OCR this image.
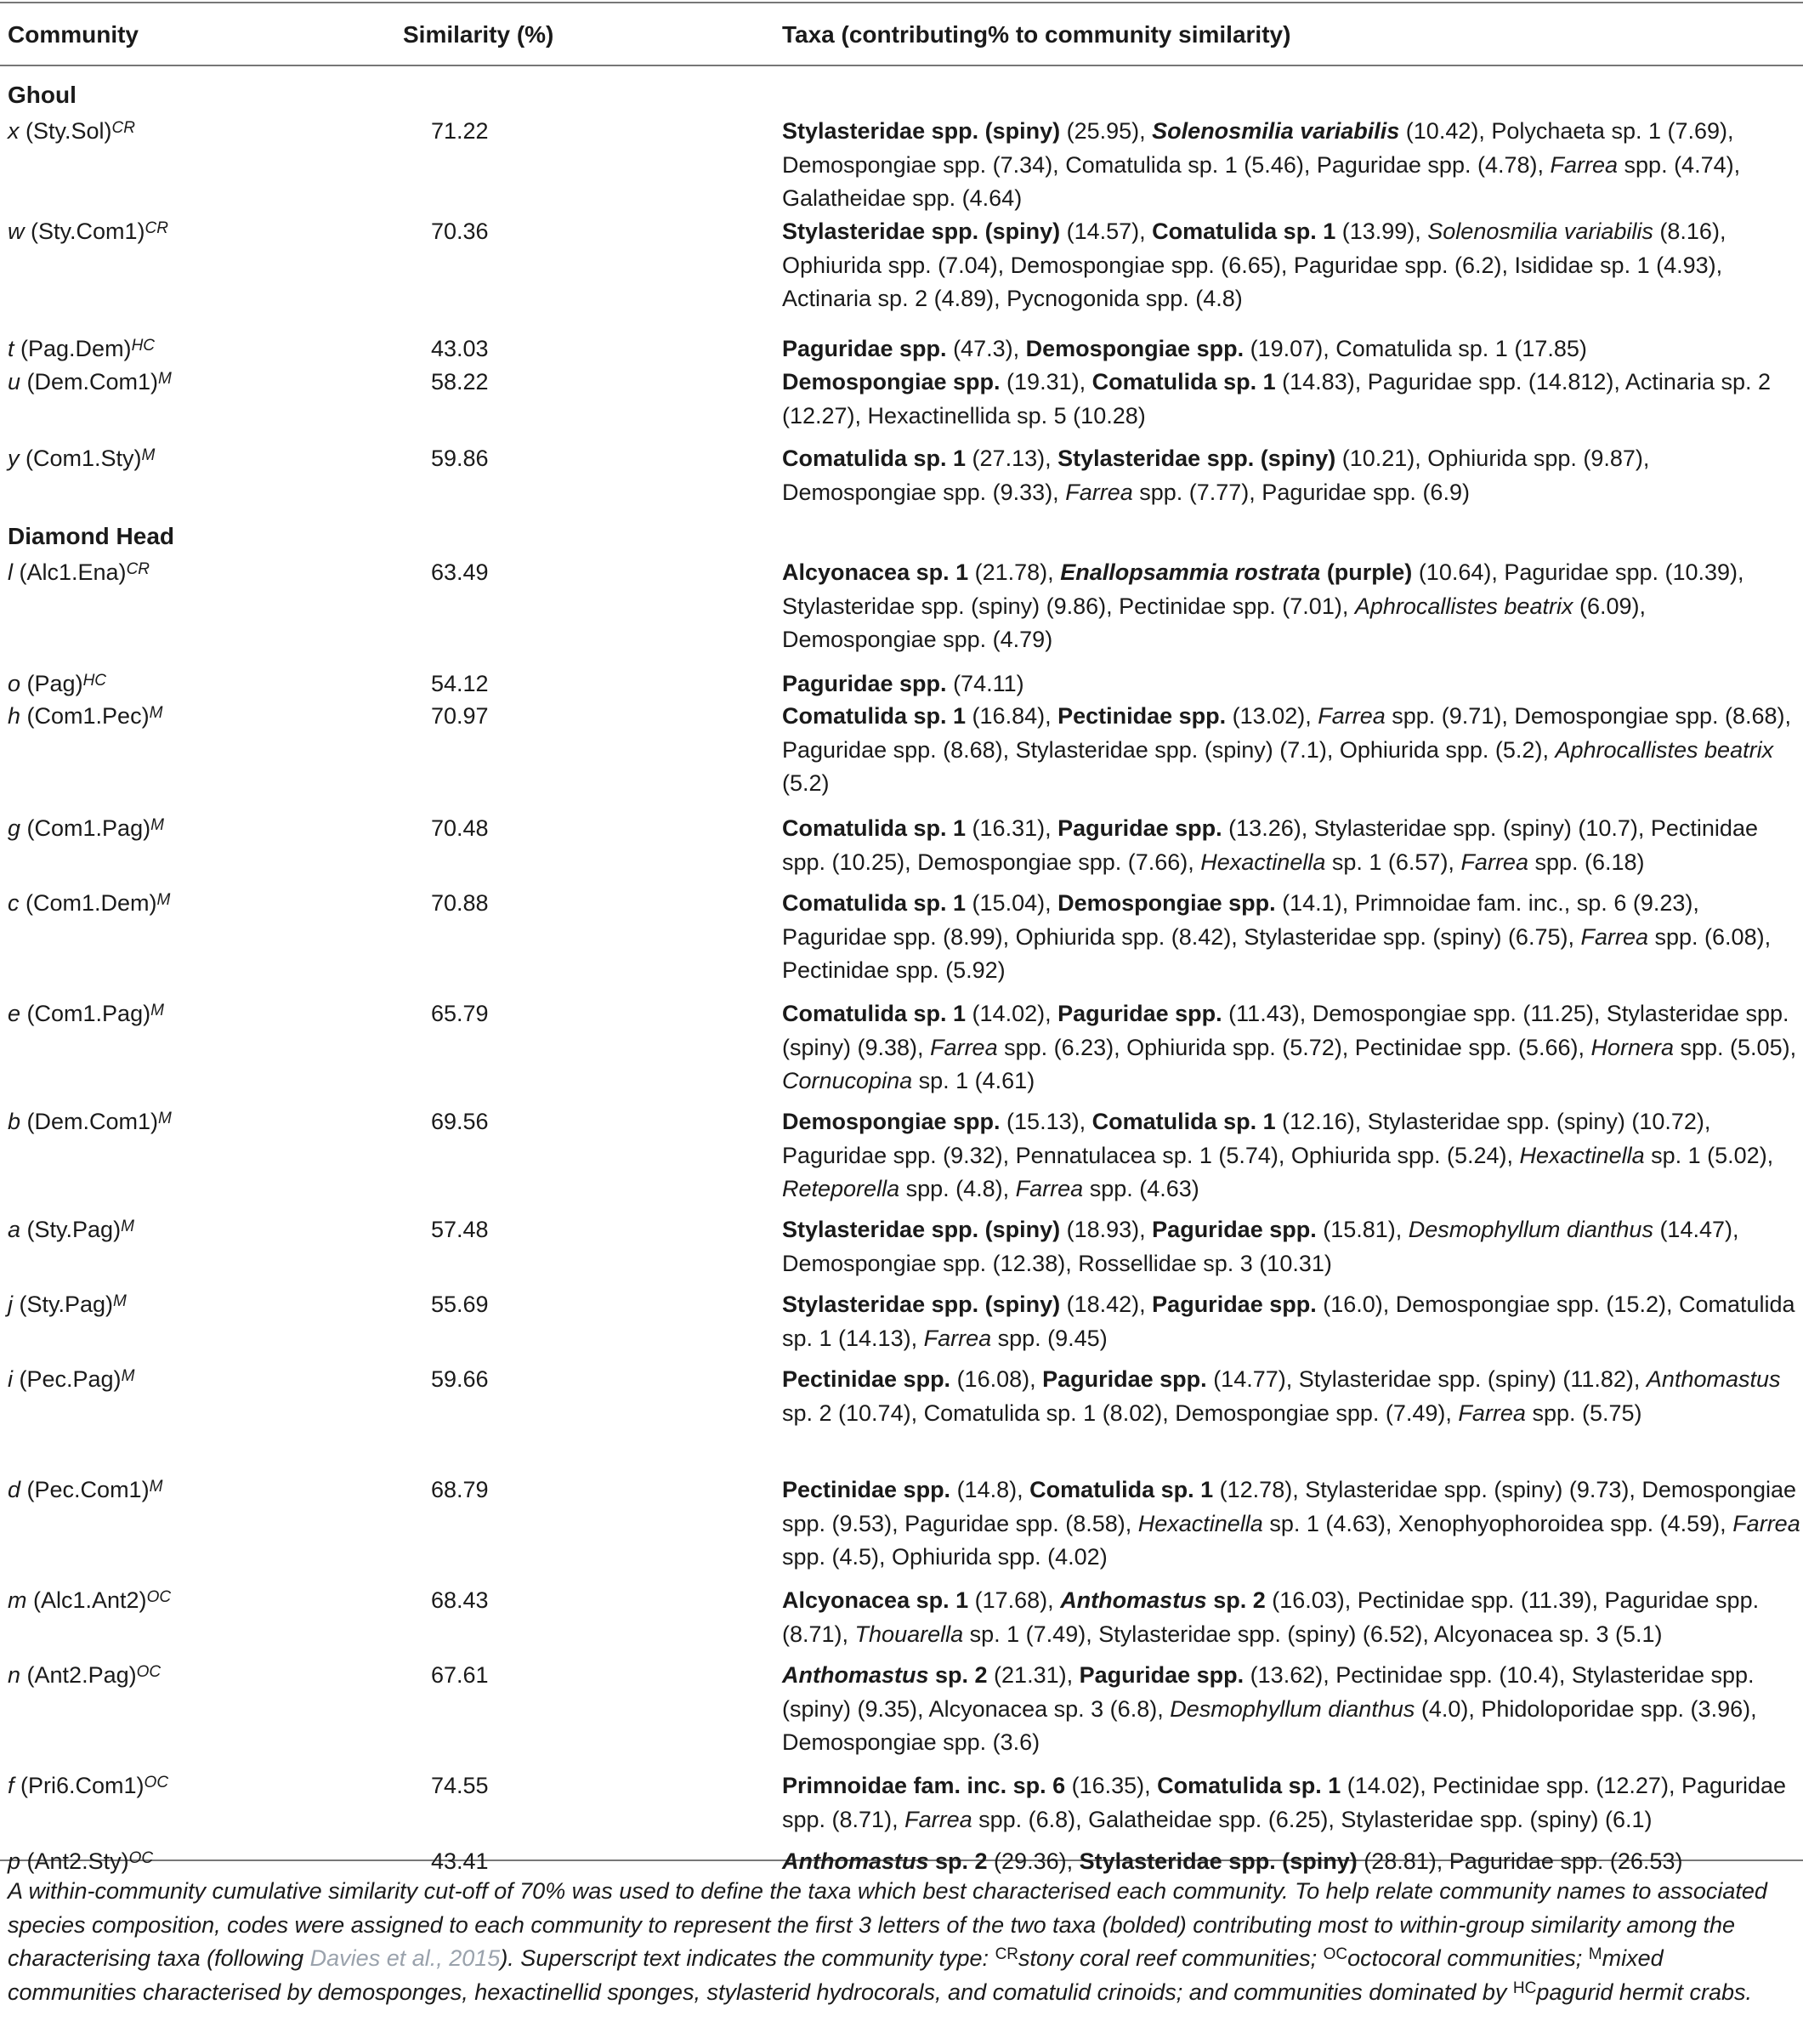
Community	Similarity (%)	Taxa (contributing% to community similarity)
Ghoul
Diamond Head
A within-community cumulative similarity cut-off of 70% was used to define the taxa which best characterised each community. To help relate community names to associated species composition, codes were assigned to each community to represent the first 3 letters of the two taxa (bolded) contributing most to within-group similarity among the characterising taxa (following Davies et al., 2015). Superscript text indicates the community type: $^{CR}$stony coral reef communities; $^{OC}$octocoral communities; $^M$mixed communities characterised by demosponges, hexactinellid sponges, stylasterid hydrocorals, and comatulid crinoids; and communities dominated by $^{HC}$pagurid hermit crabs.
x $(Sty.Sol)^{CR}$	71.22	Stylasteridae spp. (spiny) (25.95), Solenosmilia variabilis (10.42), Polychaeta sp. 1 (7.69), Demospongiae spp. (7.34), Comatulida sp. 1 (5.46), Paguridae spp. (4.78), Farrea spp. (4.74), Galatheidae spp. (4.64)
w $(Sty.Com1)^{CR}$	70.36	Stylasteridae spp. (spiny) (14.57), Comatulida sp. 1 (13.99), Solenosmilia variabilis (8.16), Ophiurida spp. (7.04), Demospongiae spp. (6.65), Paguridae spp. (6.2), Isididae sp. 1 (4.93), Actinaria sp. 2 (4.89), Pycnogonida spp. (4.8)
t $(Pag.Dem)^{HC}$	43.03	Paguridae spp. (47.3), Demospongiae spp. (19.07), Comatulida sp. 1 (17.85)
u $(Dem.Com1)^M$	58.22	Demospongiae spp. (19.31), Comatulida sp. 1 (14.83), Paguridae spp. (14.812), Actinaria sp. 2 (12.27), Hexactinellida sp. 5 (10.28)
y $(Com1.Sty)^M$	59.86	Comatulida sp. 1 (27.13), Stylasteridae spp. (spiny) (10.21), Ophiurida spp. (9.87), Demospongiae spp. (9.33), Farrea spp. (7.77), Paguridae spp. (6.9)
l $(Alc1.Ena)^{CR}$	63.49	Alcyonacea sp. 1 (21.78), Enallopsammia rostrata (purple) (10.64), Paguridae spp. (10.39), Stylasteridae spp. (spiny) (9.86), Pectinidae spp. (7.01), Aphrocallistes beatrix (6.09), Demospongiae spp. (4.79)
o (Pag)$^{HC}$	54.12	Paguridae spp. (74.11)
h $(Com1.Pec)^M$	70.97	Comatulida sp. 1 (16.84), Pectinidae spp. (13.02), Farrea spp. (9.71), Demospongiae spp. (8.68), Paguridae spp. (8.68), Stylasteridae spp. (spiny) (7.1), Ophiurida spp. (5.2), Aphrocallistes beatrix (5.2)
g $(Com1.Pag)^M$	70.48	Comatulida sp. 1 (16.31), Paguridae spp. (13.26), Stylasteridae spp. (spiny) (10.7), Pectinidae spp. (10.25), Demospongiae spp. (7.66), Hexactinella sp. 1 (6.57), Farrea spp. (6.18)
c $(Com1.Dem)^M$	70.88	Comatulida sp. 1 (15.04), Demospongiae spp. (14.1), Primnoidae fam. inc., sp. 6 (9.23), Paguridae spp. (8.99), Ophiurida spp. (8.42), Stylasteridae spp. (spiny) (6.75), Farrea spp. (6.08), Pectinidae spp. (5.92)
e $(Com1.Pag)^M$	65.79	Comatulida sp. 1 (14.02), Paguridae spp. (11.43), Demospongiae spp. (11.25), Stylasteridae spp. (spiny) (9.38), Farrea spp. (6.23), Ophiurida spp. (5.72), Pectinidae spp. (5.66), Hornera spp. (5.05), Cornucopina sp. 1 (4.61)
b $(Dem.Com1)^M$	69.56	Demospongiae spp. (15.13), Comatulida sp. 1 (12.16), Stylasteridae spp. (spiny) (10.72), Paguridae spp. (9.32), Pennatulacea sp. 1 (5.74), Ophiurida spp. (5.24), Hexactinella sp. 1 (5.02), Reteporella spp. (4.8), Farrea spp. (4.63)
a $(Sty.Pag)^M$	57.48	Stylasteridae spp. (spiny) (18.93), Paguridae spp. (15.81), Desmophyllum dianthus (14.47), Demospongiae spp. (12.38), Rossellidae sp. 3 (10.31)
j $(Sty.Pag)^M$	55.69	Stylasteridae spp. (spiny) (18.42), Paguridae spp. (16.0), Demospongiae spp. (15.2), Comatulida sp. 1 (14.13), Farrea spp. (9.45)
i $(Pec.Pag)^M$	59.66	Pectinidae spp. (16.08), Paguridae spp. (14.77), Stylasteridae spp. (spiny) (11.82), Anthomastus sp. 2 (10.74), Comatulida sp. 1 (8.02), Demospongiae spp. (7.49), Farrea spp. (5.75)
d $(Pec.Com1)^M$	68.79	Pectinidae spp. (14.8), Comatulida sp. 1 (12.78), Stylasteridae spp. (spiny) (9.73), Demospongiae spp. (9.53), Paguridae spp. (8.58), Hexactinella sp. 1 (4.63), Xenophyophoroidea spp. (4.59), Farrea spp. (4.5), Ophiurida spp. (4.02)
m $(Alc1.Ant2)^{OC}$	68.43	Alcyonacea sp. 1 (17.68), Anthomastus sp. 2 (16.03), Pectinidae spp. (11.39), Paguridae spp. (8.71), Thouarella sp. 1 (7.49), Stylasteridae spp. (spiny) (6.52), Alcyonacea sp. 3 (5.1)
n $(Ant2.Pag)^{OC}$	67.61	Anthomastus sp. 2 (21.31), Paguridae spp. (13.62), Pectinidae spp. (10.4), Stylasteridae spp. (spiny) (9.35), Alcyonacea sp. 3 (6.8), Desmophyllum dianthus (4.0), Phidoloporidae spp. (3.96), Demospongiae spp. (3.6)
f $(Pri6.Com1)^{OC}$	74.55	Primnoidae fam. inc. sp. 6 (16.35), Comatulida sp. 1 (14.02), Pectinidae spp. (12.27), Paguridae spp. (8.71), Farrea spp. (6.8), Galatheidae spp. (6.25), Stylasteridae spp. (spiny) (6.1)
p $(Ant2.Sty)^{OC}$	43.41	Anthomastus sp. 2 (29.36), Stylasteridae spp. (spiny) (28.81), Paguridae spp. (26.53)
